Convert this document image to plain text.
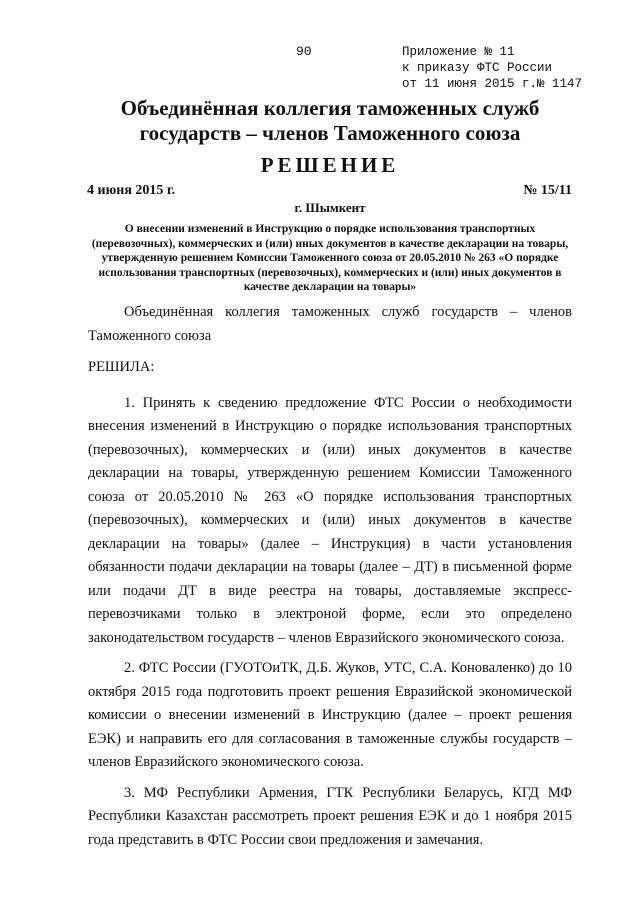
90	Приложение № 11
к приказу ФТС России
от 11 июня 2015 г.№ 1147
Объединённая коллегия таможенных служб
государств – членов Таможенного союза
РЕШЕНИЕ
4 июня 2015 г.	№ 15/11
г. Шымкент
О внесении изменений в Инструкцию о порядке использования транспортных (перевозочных), коммерческих и (или) иных документов в качестве декларации на товары, утвержденную решением Комиссии Таможенного союза от 20.05.2010 № 263 «О порядке использования транспортных (перевозочных), коммерческих и (или) иных документов в качестве декларации на товары»

Объединённая коллегия таможенных служб государств – членов Таможенного союза

РЕШИЛА:

1. Принять к сведению предложение ФТС России о необходимости внесения изменений в Инструкцию о порядке использования транспортных (перевозочных), коммерческих и (или) иных документов в качестве декларации на товары, утвержденную решением Комиссии Таможенного союза от 20.05.2010 № 263 «О порядке использования транспортных (перевозочных), коммерческих и (или) иных документов в качестве декларации на товары» (далее – Инструкция) в части установления обязанности подачи декларации на товары (далее – ДТ) в письменной форме или подачи ДТ в виде реестра на товары, доставляемые экспресс-перевозчиками только в электроной форме, если это определено законодательством государств – членов Евразийского экономического союза.

2. ФТС России (ГУОТОиТК, Д.Б. Жуков, УТС, С.А. Коноваленко) до 10 октября 2015 года подготовить проект решения Евразийской экономической комиссии о внесении изменений в Инструкцию (далее – проект решения ЕЭК) и направить его для согласования в таможенные службы государств – членов Евразийского экономического союза.

3. МФ Республики Армения, ГТК Республики Беларусь, КГД МФ Республики Казахстан рассмотреть проект решения ЕЭК и до 1 ноября 2015 года представить в ФТС России свои предложения и замечания.
